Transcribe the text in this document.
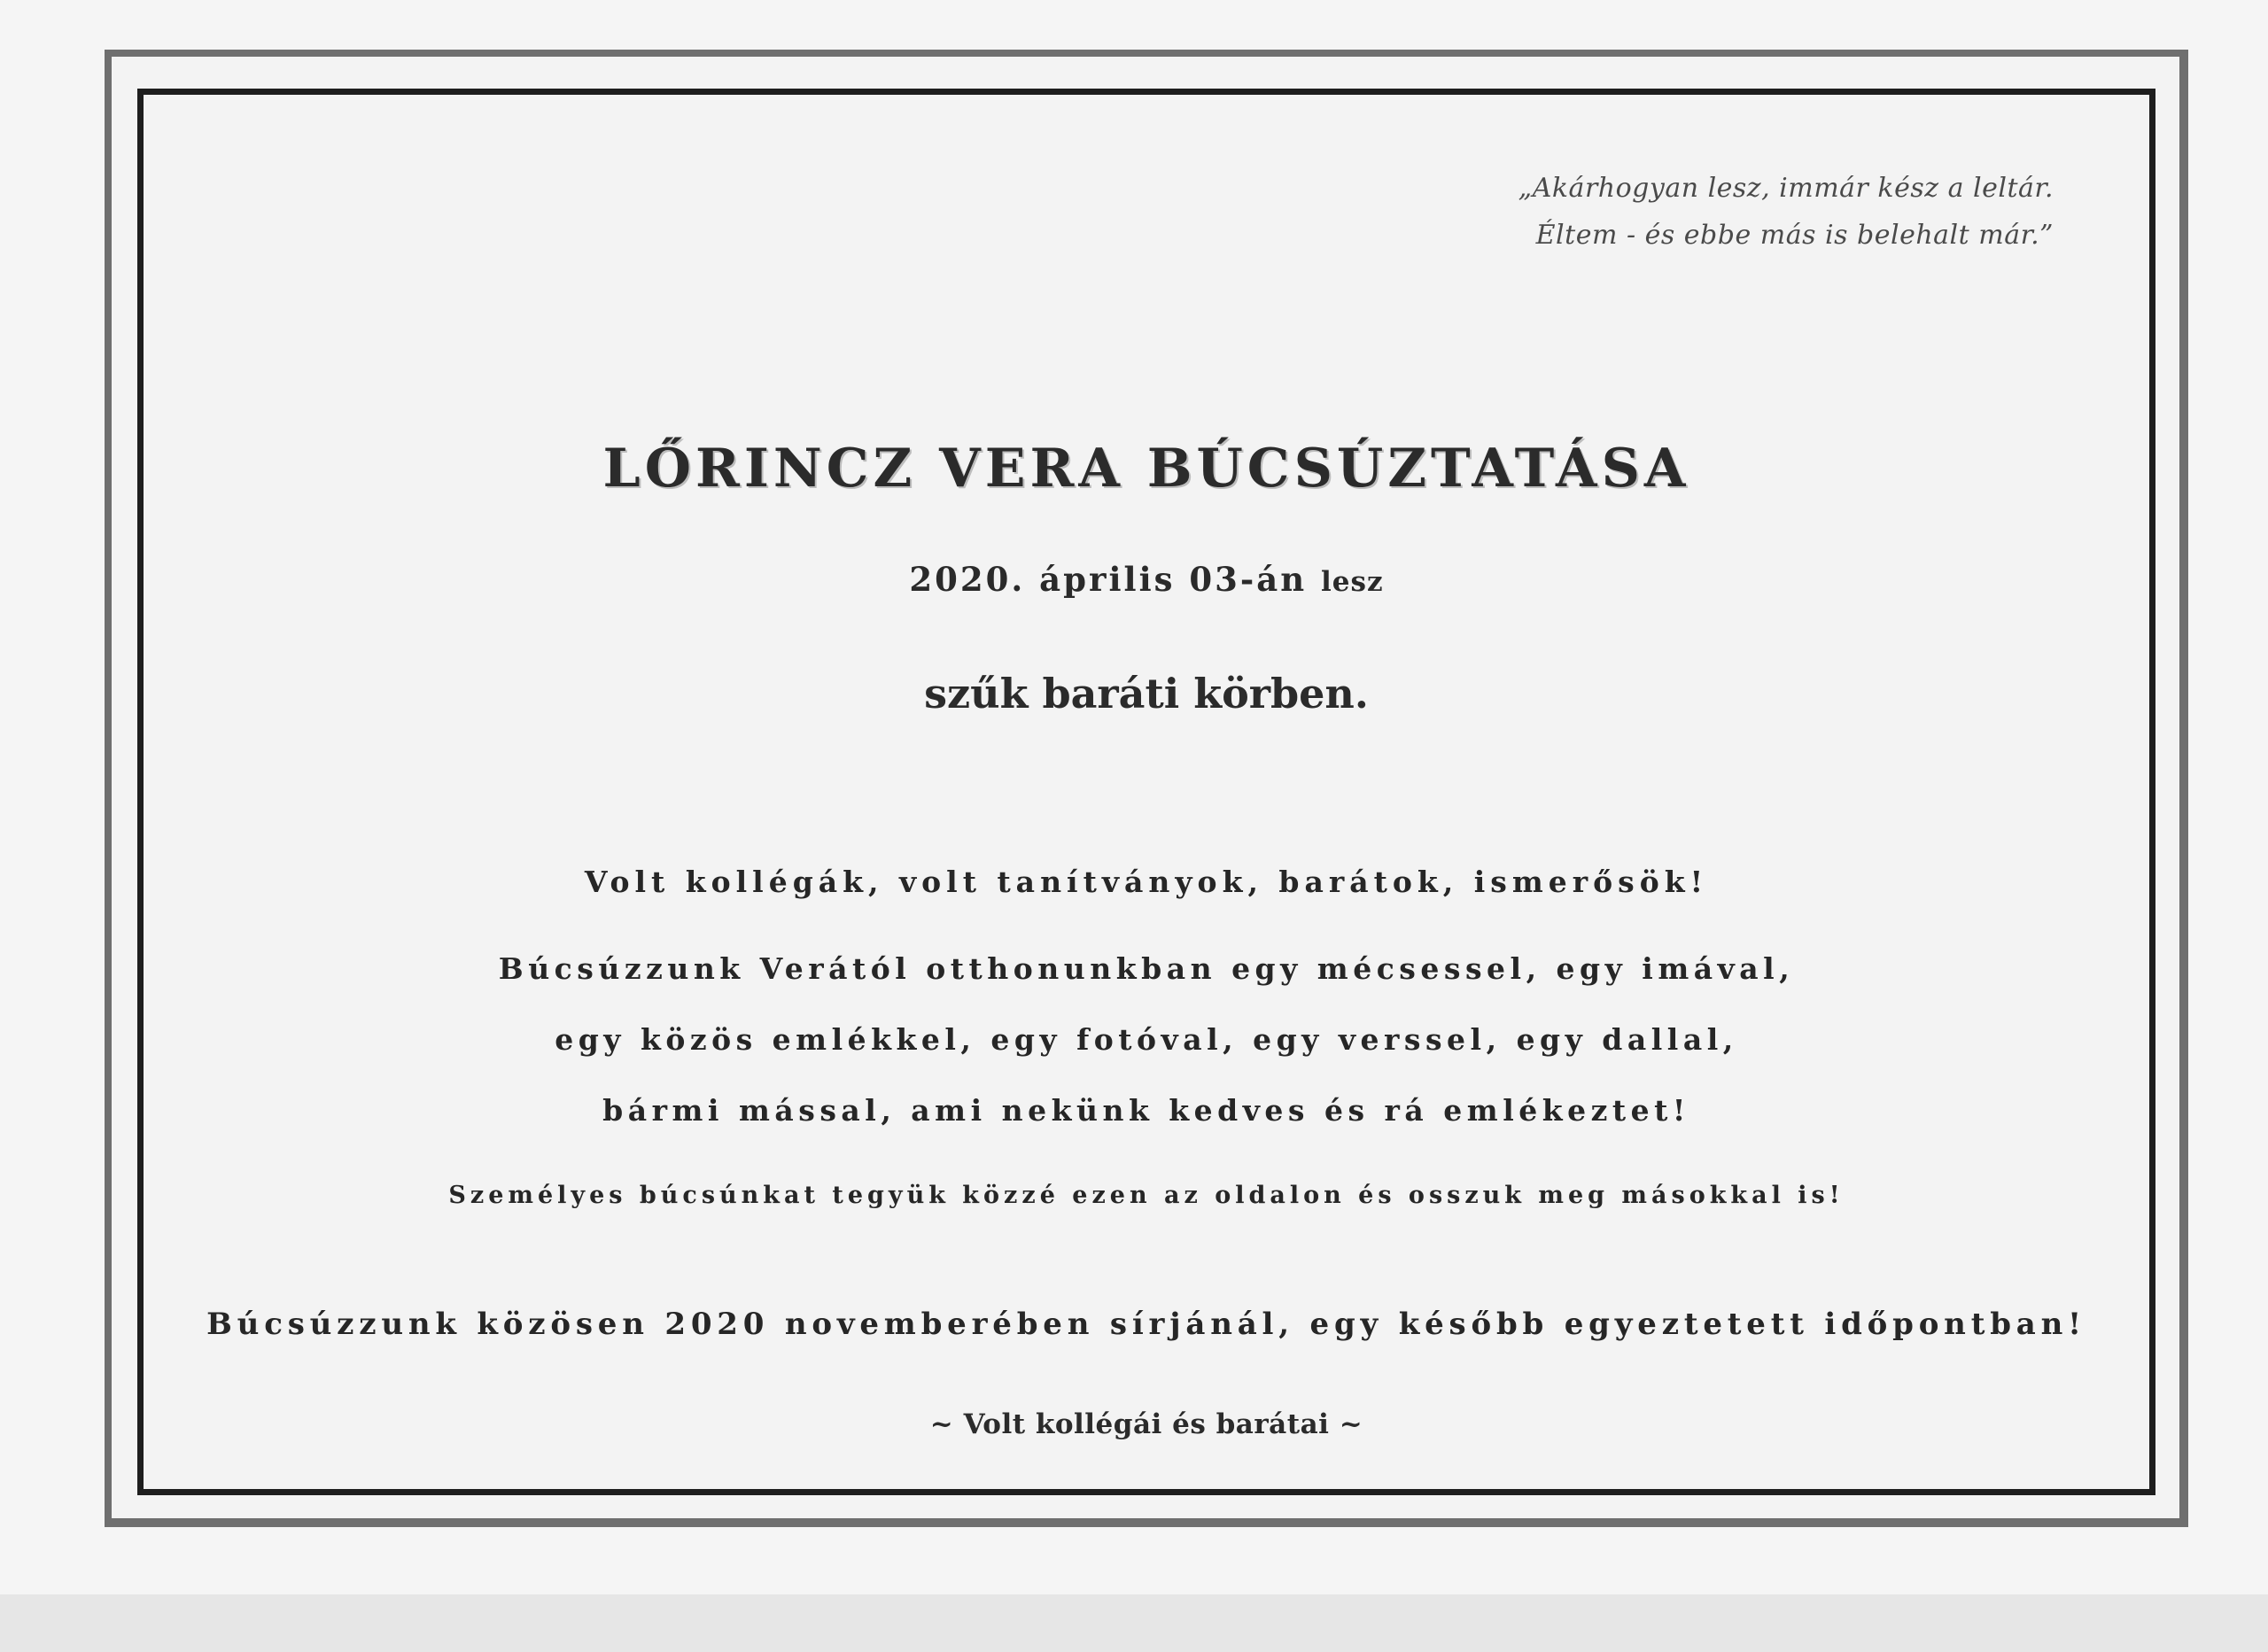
„Akárhogyan lesz, immár kész a leltár.
Éltem - és ebbe más is belehalt már.”
LŐRINCZ VERA BÚCSÚZTATÁSA
2020. április 03-án lesz
szűk baráti körben.
Volt kollégák, volt tanítványok, barátok, ismerősök!
Búcsúzzunk Verától otthonunkban egy mécsessel, egy imával,
egy közös emlékkel, egy fotóval, egy verssel, egy dallal,
bármi mással, ami nekünk kedves és rá emlékeztet!
Személyes búcsúnkat tegyük közzé ezen az oldalon és osszuk meg másokkal is!
Búcsúzzunk közösen 2020 novemberében sírjánál, egy később egyeztetett időpontban!
~ Volt kollégái és barátai ~
